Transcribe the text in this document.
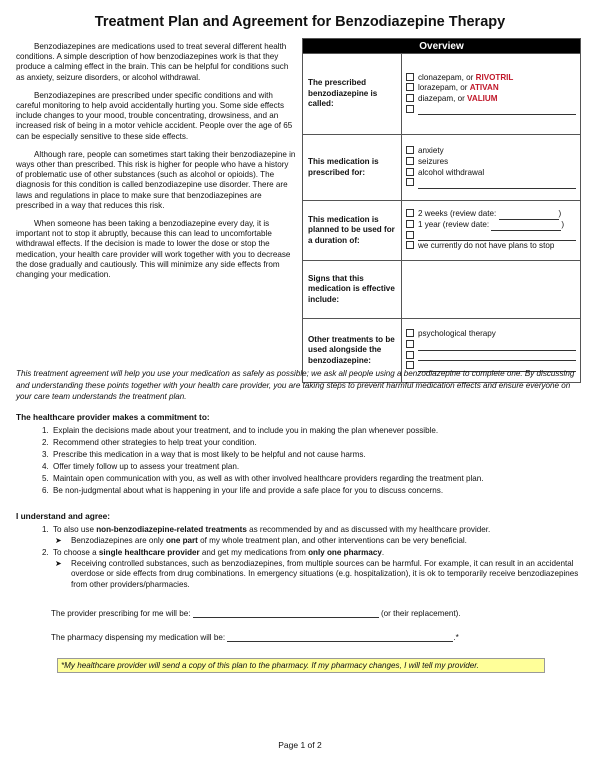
Treatment Plan and Agreement for Benzodiazepine Therapy

Benzodiazepines are medications used to treat several different health conditions. A simple description of how benzodiazepines work is that they produce a calming effect in the brain. This can be helpful for conditions such as anxiety, seizure disorders, or alcohol withdrawal.

Benzodiazepines are prescribed under specific conditions and with careful monitoring to help avoid accidentally hurting you. Some side effects include changes to your mood, trouble concentrating, drowsiness, and an increased risk of being in a motor vehicle accident. People over the age of 65 can be especially sensitive to these side effects.

Although rare, people can sometimes start taking their benzodiazepine in ways other than prescribed. This risk is higher for people who have a history of problematic use of other substances (such as alcohol or opioids). The diagnosis for this condition is called benzodiazepine use disorder. There are laws and regulations in place to make sure that benzodiazepines are prescribed in a way that reduces this risk.

When someone has been taking a benzodiazepine every day, it is important not to stop it abruptly, because this can lead to uncomfortable withdrawal effects. If the decision is made to lower the dose or stop the medication, your health care provider will work together with you to decrease the dose gradually and cautiously. This will minimize any side effects from changing your medication.

Overview	
The prescribed benzodiazepine is called:	clonazepam, or RIVOTRIL
lorazepam, or ATIVAN
diazepam, or VALIUM

This medication is prescribed for:	anxiety
seizures
alcohol withdrawal

This medication is planned to be used for a duration of:	2 weeks (review date: )
1 year (review date: )
we currently do not have plans to stop

Signs that this medication is effective include:	
Other treatments to be used alongside the benzodiazepine:	psychological therapy
This treatment agreement will help you use your medication as safely as possible; we ask all people using a benzodiazepine to complete one. By discussing and understanding these points together with your health care provider, you are taking steps to prevent harmful medication effects and ensure everyone on your care team understands the treatment plan.
The healthcare provider makes a commitment to:
1. Explain the decisions made about your treatment, and to include you in making the plan whenever possible.
2. Recommend other strategies to help treat your condition.
3. Prescribe this medication in a way that is most likely to be helpful and not cause harms.
4. Offer timely follow up to assess your treatment plan.
5. Maintain open communication with you, as well as with other involved healthcare providers regarding the treatment plan.
6. Be non-judgmental about what is happening in your life and provide a safe place for you to discuss concerns.
I understand and agree:
1. To also use non-benzodiazepine-related treatments as recommended by and as discussed with my healthcare provider.
➤ Benzodiazepines are only one part of my whole treatment plan, and other interventions can be very beneficial.
2. To choose a single healthcare provider and get my medications from only one pharmacy.
➤ Receiving controlled substances, such as benzodiazepines, from multiple sources can be harmful. For example, it can result in an accidental overdose or side effects from drug combinations. In emergency situations (e.g. hospitalization), it is ok to temporarily receive benzodiazepines from other providers/pharmacies.
The provider prescribing for me will be:	(or their replacement).
The pharmacy dispensing my medication will be:	.*
*My healthcare provider will send a copy of this plan to the pharmacy. If my pharmacy changes, I will tell my provider.
Page 1 of 2
